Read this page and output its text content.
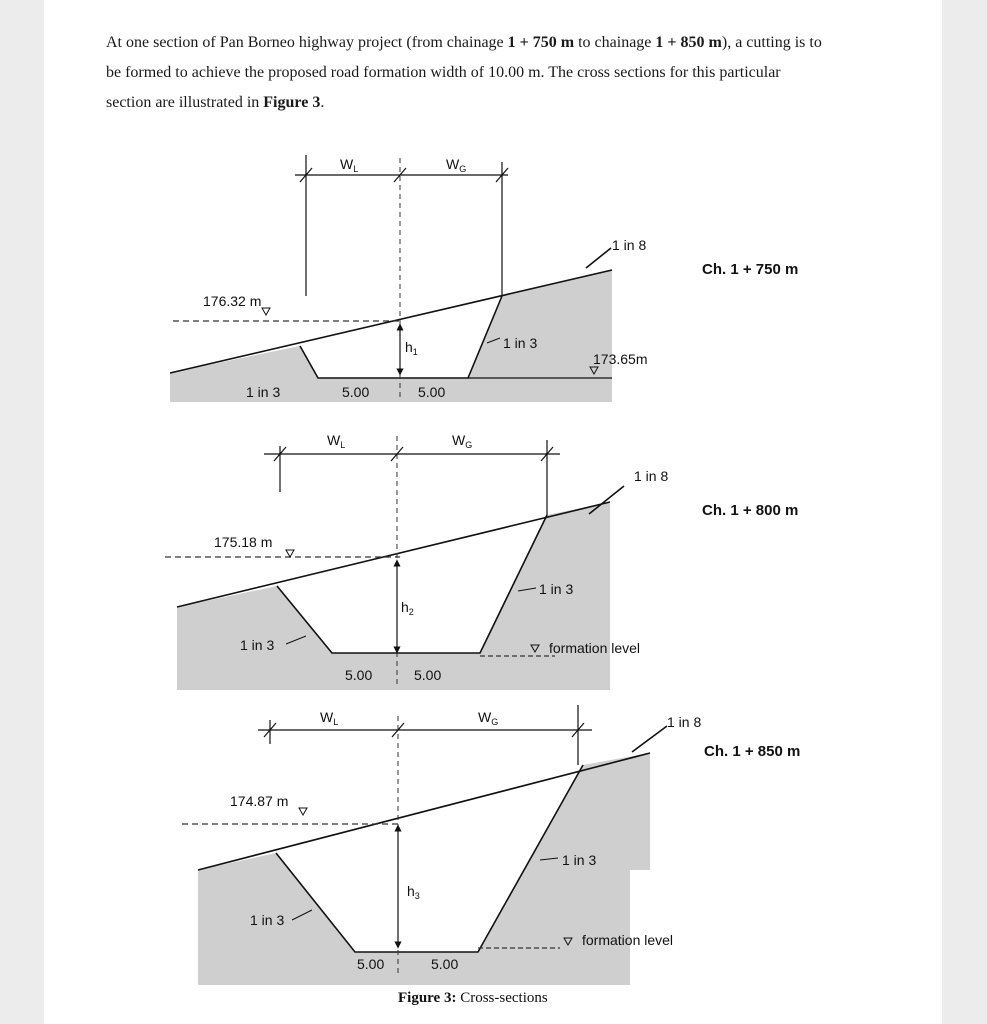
At one section of Pan Borneo highway project (from chainage 1 + 750 m to chainage 1 + 850 m), a cutting is to be formed to achieve the proposed road formation width of 10.00 m. The cross sections for this particular section are illustrated in Figure 3.

$W_L$	$W_G$
1 in 8
Ch. 1 + 750 m
176.32 m
1 in 3
173.65m
$h_1$
1 in 3	5.00	5.00
$W_L$	$W_G$
1 in 8
Ch. 1 + 800 m
175.18 m
1 in 3
$h_2$
1 in 3	formation level
5.00	5.00
$W_L$	$W_G$	1 in 8
Ch. 1 + 850 m
174.87 m
1 in 3
$h_3$
1 in 3
formation level
5.00	5.00
Figure 3: Cross-sections
